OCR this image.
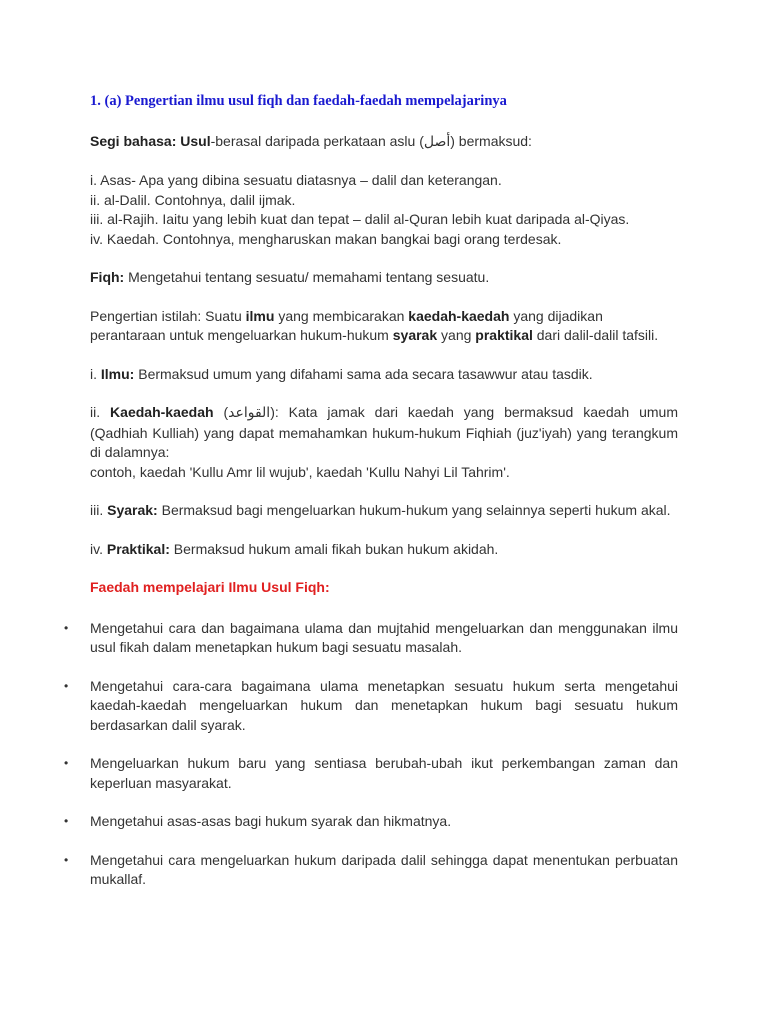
1. (a) Pengertian ilmu usul fiqh dan faedah-faedah mempelajarinya

Segi bahasa: Usul-berasal daripada perkataan aslu (أصل) bermaksud:

i. Asas- Apa yang dibina sesuatu diatasnya – dalil dan keterangan.
ii. al-Dalil. Contohnya, dalil ijmak.
iii. al-Rajih. Iaitu yang lebih kuat dan tepat – dalil al-Quran lebih kuat daripada al-Qiyas.
iv. Kaedah. Contohnya, mengharuskan makan bangkai bagi orang terdesak.

Fiqh: Mengetahui tentang sesuatu/ memahami tentang sesuatu.

Pengertian istilah: Suatu ilmu yang membicarakan kaedah-kaedah yang dijadikan perantaraan untuk mengeluarkan hukum-hukum syarak yang praktikal dari dalil-dalil tafsili.

i. Ilmu: Bermaksud umum yang difahami sama ada secara tasawwur atau tasdik.

ii. Kaedah-kaedah (القواعد): Kata jamak dari kaedah yang bermaksud kaedah umum (Qadhiah Kulliah) yang dapat memahamkan hukum-hukum Fiqhiah (juz'iyah) yang terangkum di dalamnya:
contoh, kaedah 'Kullu Amr lil wujub', kaedah 'Kullu Nahyi Lil Tahrim'.

iii. Syarak: Bermaksud bagi mengeluarkan hukum-hukum yang selainnya seperti hukum akal.

iv. Praktikal: Bermaksud hukum amali fikah bukan hukum akidah.

Faedah mempelajari Ilmu Usul Fiqh:
•	Mengetahui cara dan bagaimana ulama dan mujtahid mengeluarkan dan menggunakan ilmu usul fikah dalam menetapkan hukum bagi sesuatu masalah.
•	Mengetahui cara-cara bagaimana ulama menetapkan sesuatu hukum serta mengetahui kaedah-kaedah mengeluarkan hukum dan menetapkan hukum bagi sesuatu hukum berdasarkan dalil syarak.
•	Mengeluarkan hukum baru yang sentiasa berubah-ubah ikut perkembangan zaman dan keperluan masyarakat.
•	Mengetahui asas-asas bagi hukum syarak dan hikmatnya.
•	Mengetahui cara mengeluarkan hukum daripada dalil sehingga dapat menentukan perbuatan mukallaf.
